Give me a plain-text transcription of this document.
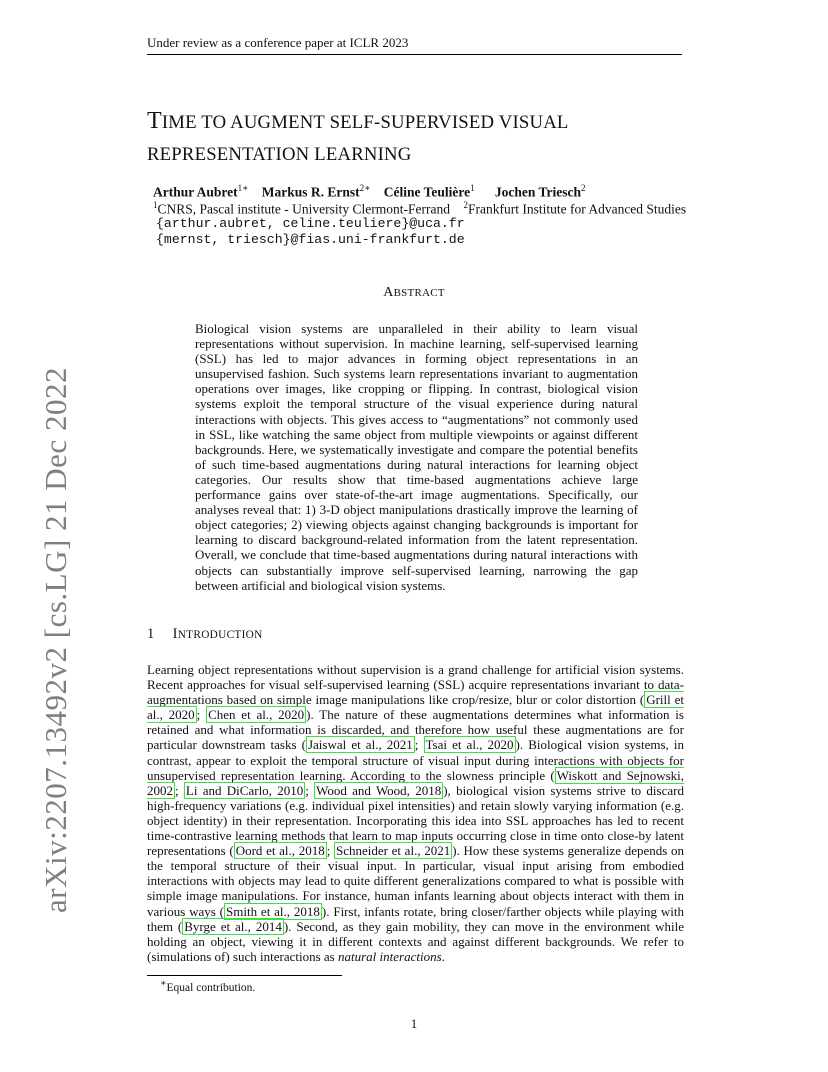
arXiv:2207.13492v2 [cs.LG] 21 Dec 2022
Under review as a conference paper at ICLR 2023
TIME TO AUGMENT SELF-SUPERVISED VISUAL
REPRESENTATION LEARNING
Arthur Aubret$^{1∗}$ Markus R. Ernst$^{2∗}$ Céline Teulière$^1$ Jochen Triesch$^2$
$^1$CNRS, Pascal institute - University Clermont-Ferrand $^2$Frankfurt Institute for Advanced Studies
{arthur.aubret, celine.teuliere}@uca.fr
{mernst, triesch}@fias.uni-frankfurt.de
ABSTRACT
Biological vision systems are unparalleled in their ability to learn visual representations without supervision. In machine learning, self-supervised learning (SSL) has led to major advances in forming object representations in an unsupervised fashion. Such systems learn representations invariant to augmentation operations over images, like cropping or flipping. In contrast, biological vision systems exploit the temporal structure of the visual experience during natural interactions with objects. This gives access to “augmentations” not commonly used in SSL, like watching the same object from multiple viewpoints or against different backgrounds. Here, we systematically investigate and compare the potential benefits of such time-based augmentations during natural interactions for learning object categories. Our results show that time-based augmentations achieve large performance gains over state-of-the-art image augmentations. Specifically, our analyses reveal that: 1) 3-D object manipulations drastically improve the learning of object categories; 2) viewing objects against changing backgrounds is important for learning to discard background-related information from the latent representation. Overall, we conclude that time-based augmentations during natural interactions with objects can substantially improve self-supervised learning, narrowing the gap between artificial and biological vision systems.
1 INTRODUCTION
Learning object representations without supervision is a grand challenge for artificial vision systems. Recent approaches for visual self-supervised learning (SSL) acquire representations invariant to data-augmentations based on simple image manipulations like crop/resize, blur or color distortion ( Grill et al., 2020 ; Chen et al., 2020 ). The nature of these augmentations determines what information is retained and what information is discarded, and therefore how useful these augmentations are for particular downstream tasks ( Jaiswal et al., 2021 ; Tsai et al., 2020 ). Biological vision systems, in contrast, appear to exploit the temporal structure of visual input during interactions with objects for unsupervised representation learning. According to the slowness principle ( Wiskott and Sejnowski, 2002 ; Li and DiCarlo, 2010 ; Wood and Wood, 2018 ), biological vision systems strive to discard high-frequency variations (e.g. individual pixel intensities) and retain slowly varying information (e.g. object identity) in their representation. Incorporating this idea into SSL approaches has led to recent time-contrastive learning methods that learn to map inputs occurring close in time onto close-by latent representations ( Oord et al., 2018 ; Schneider et al., 2021 ). How these systems generalize depends on the temporal structure of their visual input. In particular, visual input arising from embodied interactions with objects may lead to quite different generalizations compared to what is possible with simple image manipulations. For instance, human infants learning about objects interact with them in various ways ( Smith et al., 2018 ). First, infants rotate, bring closer/farther objects while playing with them ( Byrge et al., 2014 ). Second, as they gain mobility, they can move in the environment while holding an object, viewing it in different contexts and against different backgrounds. We refer to (simulations of) such interactions as natural interactions.
∗Equal contribution.
1
